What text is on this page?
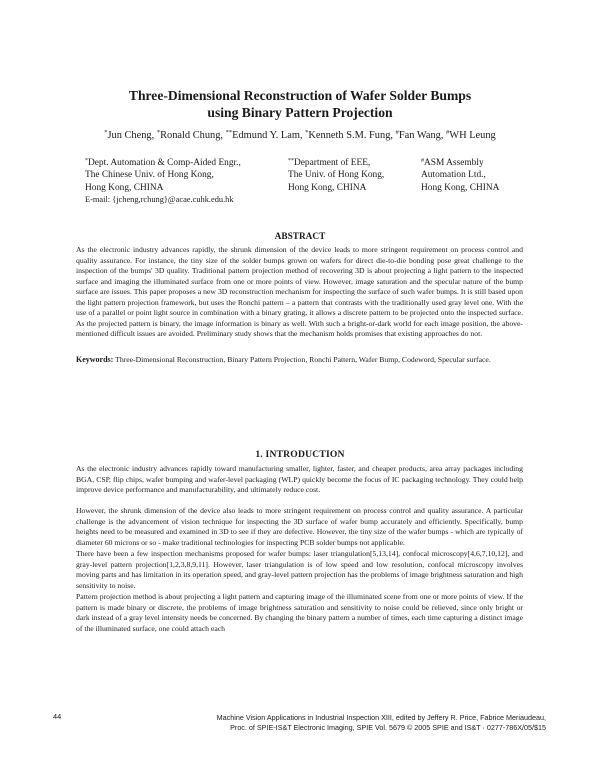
Three-Dimensional Reconstruction of Wafer Solder Bumps
using Binary Pattern Projection
*Jun Cheng, *Ronald Chung, **Edmund Y. Lam, *Kenneth S.M. Fung, #Fan Wang, #WH Leung
*Dept. Automation & Comp-Aided Engr.,
The Chinese Univ. of Hong Kong,
Hong Kong, CHINA
E-mail: {jcheng,rchung}@acae.cuhk.edu.hk
**Department of EEE,
The Univ. of Hong Kong,
Hong Kong, CHINA
#ASM Assembly
Automation Ltd.,
Hong Kong, CHINA
ABSTRACT
As the electronic industry advances rapidly, the shrunk dimension of the device leads to more stringent requirement on process control and quality assurance. For instance, the tiny size of the solder bumps grown on wafers for direct die-to-die bonding pose great challenge to the inspection of the bumps' 3D quality. Traditional pattern projection method of recovering 3D is about projecting a light pattern to the inspected surface and imaging the illuminated surface from one or more points of view. However, image saturation and the specular nature of the bump surface are issues. This paper proposes a new 3D reconstruction mechanism for inspecting the surface of such wafer bumps. It is still based upon the light pattern projection framework, but uses the Ronchi pattern – a pattern that contrasts with the traditionally used gray level one. With the use of a parallel or point light source in combination with a binary grating, it allows a discrete pattern to be projected onto the inspected surface. As the projected pattern is binary, the image information is binary as well. With such a bright-or-dark world for each image position, the above-mentioned difficult issues are avoided. Preliminary study shows that the mechanism holds promises that existing approaches do not.
Keywords: Three-Dimensional Reconstruction, Binary Pattern Projection, Ronchi Pattern, Wafer Bump, Codeword, Specular surface.
1. INTRODUCTION
As the electronic industry advances rapidly toward manufacturing smaller, lighter, faster, and cheaper products, area array packages including BGA, CSP, flip chips, wafer bumping and wafer-level packaging (WLP) quickly become the focus of IC packaging technology. They could help improve device performance and manufacturability, and ultimately reduce cost.
However, the shrunk dimension of the device also leads to more stringent requirement on process control and quality assurance. A particular challenge is the advancement of vision technique for inspecting the 3D surface of wafer bump accurately and efficiently. Specifically, bump heights need to be measured and examined in 3D to see if they are defective. However, the tiny size of the wafer bumps - which are typically of diameter 60 microns or so - make traditional technologies for inspecting PCB solder bumps not applicable.
There have been a few inspection mechanisms proposed for wafer bumps: laser triangulation[5,13,14], confocal microscopy[4,6,7,10,12], and gray-level pattern projection[1,2,3,8,9,11]. However, laser triangulation is of low speed and low resolution, confocal microscopy involves moving parts and has limitation in its operation speed, and gray-level pattern projection has the problems of image brightness saturation and high sensitivity to noise.
Pattern projection method is about projecting a light pattern and capturing image of the illuminated scene from one or more points of view. If the pattern is made binary or discrete, the problems of image brightness saturation and sensitivity to noise could be relieved, since only bright or dark instead of a gray level intensity needs be concerned. By changing the binary pattern a number of times, each time capturing a distinct image of the illuminated surface, one could attach each
44	Machine Vision Applications in Industrial Inspection XIII, edited by Jeffery R. Price, Fabrice Meriaudeau,
Proc. of SPIE-IS&T Electronic Imaging, SPIE Vol. 5679 © 2005 SPIE and IS&T · 0277-786X/05/$15
